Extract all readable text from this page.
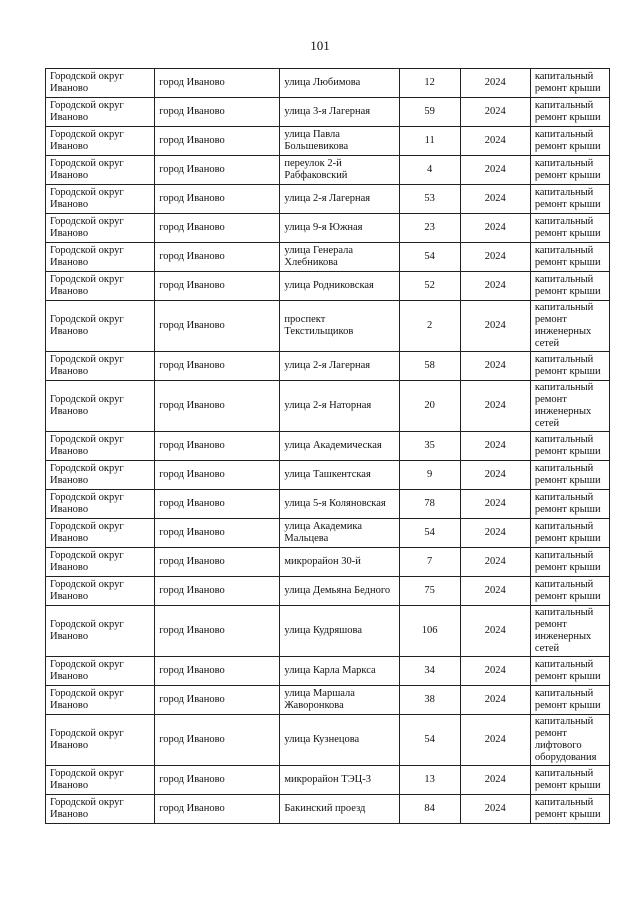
101
Городской округ Иваново	город Иваново	улица Любимова	12	2024	капитальный ремонт крыши
Городской округ Иваново	город Иваново	улица 3-я Лагерная	59	2024	капитальный ремонт крыши
Городской округ Иваново	город Иваново	улица Павла Большевикова	11	2024	капитальный ремонт крыши
Городской округ Иваново	город Иваново	переулок 2-й Рабфаковский	4	2024	капитальный ремонт крыши
Городской округ Иваново	город Иваново	улица 2-я Лагерная	53	2024	капитальный ремонт крыши
Городской округ Иваново	город Иваново	улица 9-я Южная	23	2024	капитальный ремонт крыши
Городской округ Иваново	город Иваново	улица Генерала Хлебникова	54	2024	капитальный ремонт крыши
Городской округ Иваново	город Иваново	улица Родниковская	52	2024	капитальный ремонт крыши
Городской округ Иваново	город Иваново	проспект Текстильщиков	2	2024	капитальный ремонт инженерных сетей
Городской округ Иваново	город Иваново	улица 2-я Лагерная	58	2024	капитальный ремонт крыши
Городской округ Иваново	город Иваново	улица 2-я Наторная	20	2024	капитальный ремонт инженерных сетей
Городской округ Иваново	город Иваново	улица Академическая	35	2024	капитальный ремонт крыши
Городской округ Иваново	город Иваново	улица Ташкентская	9	2024	капитальный ремонт крыши
Городской округ Иваново	город Иваново	улица 5-я Коляновская	78	2024	капитальный ремонт крыши
Городской округ Иваново	город Иваново	улица Академика Мальцева	54	2024	капитальный ремонт крыши
Городской округ Иваново	город Иваново	микрорайон 30-й	7	2024	капитальный ремонт крыши
Городской округ Иваново	город Иваново	улица Демьяна Бедного	75	2024	капитальный ремонт крыши
Городской округ Иваново	город Иваново	улица Кудряшова	106	2024	капитальный ремонт инженерных сетей
Городской округ Иваново	город Иваново	улица Карла Маркса	34	2024	капитальный ремонт крыши
Городской округ Иваново	город Иваново	улица Маршала Жаворонкова	38	2024	капитальный ремонт крыши
Городской округ Иваново	город Иваново	улица Кузнецова	54	2024	капитальный ремонт лифтового оборудования
Городской округ Иваново	город Иваново	микрорайон ТЭЦ-3	13	2024	капитальный ремонт крыши
Городской округ Иваново	город Иваново	Бакинский проезд	84	2024	капитальный ремонт крыши
